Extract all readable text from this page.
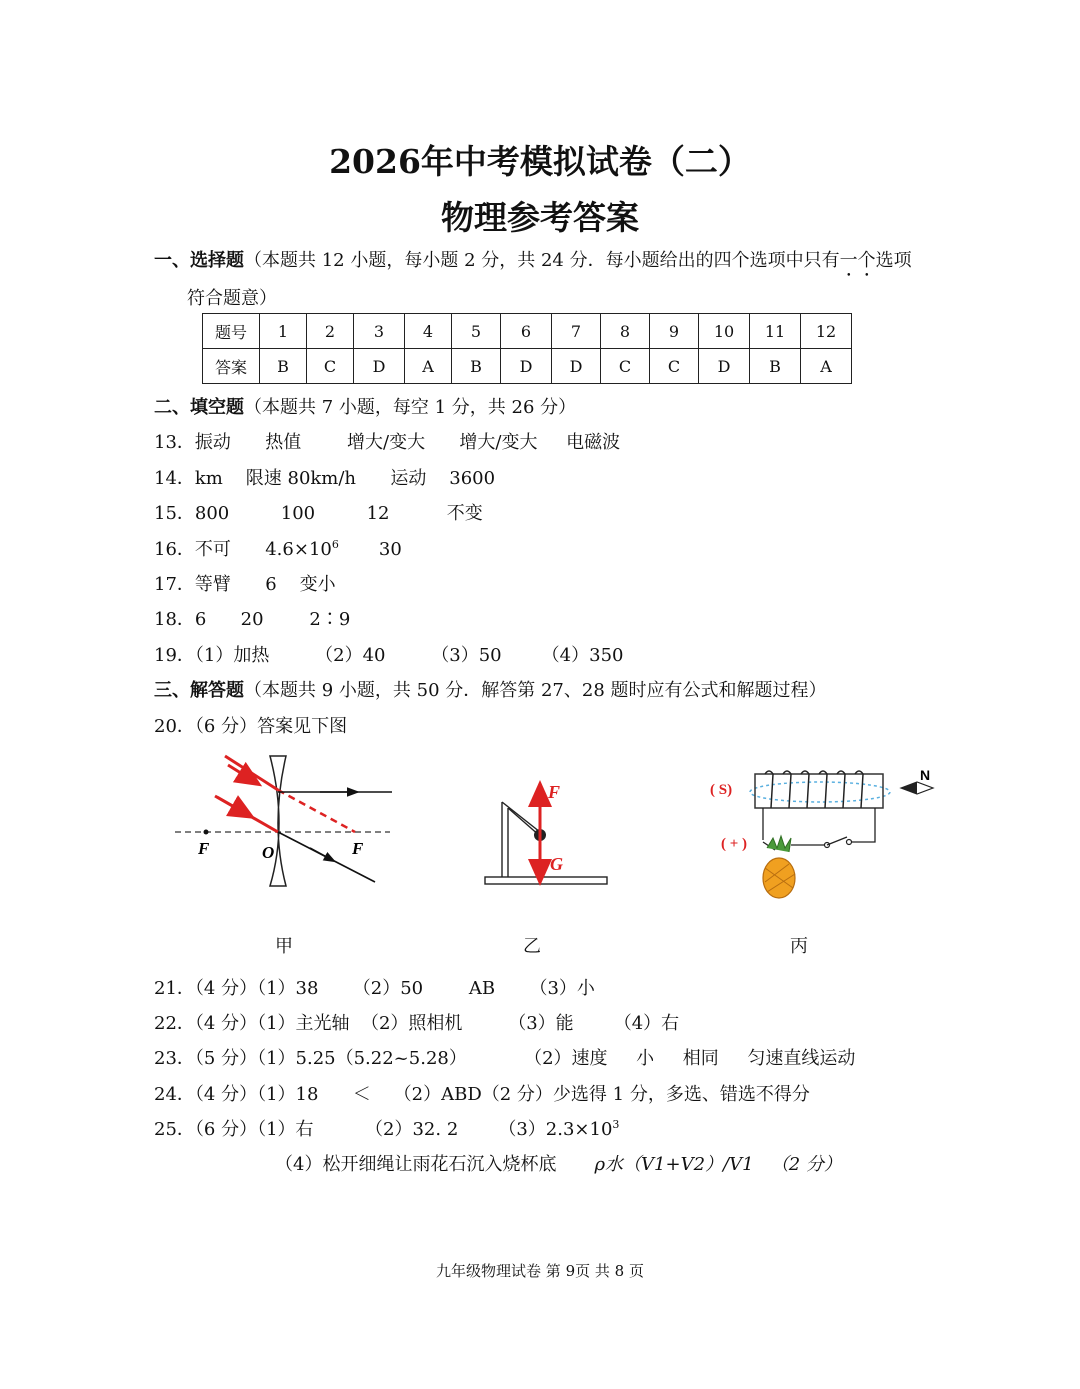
2026年中考模拟试卷（二）
物理参考答案
一、选择题（本题共 12 小题，每小题 2 分，共 24 分．每小题给出的四个选项中只有一个选项
符合题意）
题号	1	2	3	4	5	6	7	8	9	10	11	12
答案	B	C	D	A	B	D	D	C	C	D	B	A
二、填空题（本题共 7 小题，每空 1 分，共 26 分）
13．振动      热值        增大/变大      增大/变大     电磁波
14．km    限速 80km/h      运动    3600
15．800         100         12          不变
16．不可      $4.6\times 10^6$       30
17．等臂      6    变小
18．6      20        2∶9
19．（1）加热        （2）40        （3）50       （4）350
三、解答题（本题共 9 小题，共 50 分．解答第 27、28 题时应有公式和解题过程）
20．（6 分）答案见下图
F	O	F
F
G
( S)
( + )
N
甲	乙	丙
21．（4 分）（1）38      （2）50        AB      （3）小
22．（4 分）（1）主光轴  （2）照相机        （3）能       （4）右
23．（5 分）（1）5.25（5.22~5.28）          （2）速度     小     相同     匀速直线运动
24．（4 分）（1）18      ＜    （2）ABD（2 分）少选得 1 分，多选、错选不得分
25．（6 分）（1）右         （2）32. 2       $(3)2.3\times 10^3$
（4）松开细绳让雨花石沉入烧杯底 ρ水（V1+V2）/V1   （2 分）
九年级物理试卷 第 9页 共 8 页
